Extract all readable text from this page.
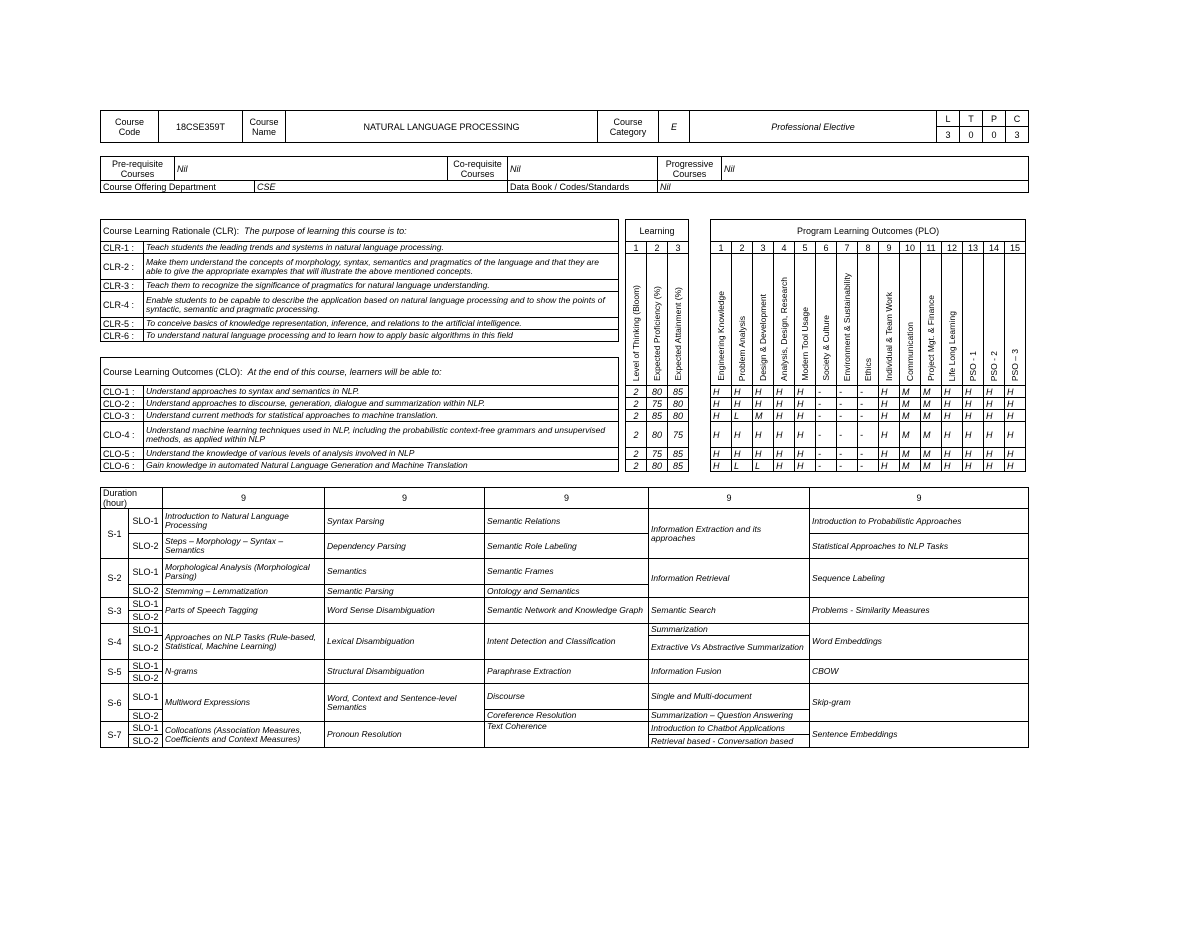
Course Code	18CSE359T	Course Name	NATURAL LANGUAGE PROCESSING	Course Category	E	Professional Elective	L	T	P	C
							3	0	0	3
Pre-requisite Courses	Nil		Co-requisite Courses	Nil	Progressive Courses	Nil
Course Offering Department		CSE		Data Book / Codes/Standards	Nil	
Course Learning Rationale (CLR): The purpose of learning this course is to:	
CLR-1 :	Teach students the leading trends and systems in natural language processing.
CLR-2 :	Make them understand the concepts of morphology, syntax, semantics and pragmatics of the language and that they are able to give the appropriate examples that will illustrate the above mentioned concepts.
CLR-3 :	Teach them to recognize the significance of pragmatics for natural language understanding.
CLR-4 :	Enable students to be capable to describe the application based on natural language processing and to show the points of syntactic, semantic and pragmatic processing.
CLR-5 :	To conceive basics of knowledge representation, inference, and relations to the artificial intelligence.
CLR-6 :	To understand natural language processing and to learn how to apply basic algorithms in this field

Course Learning Outcomes (CLO): At the end of this course, learners will be able to:	
CLO-1 :	Understand approaches to syntax and semantics in NLP.
CLO-2 :	Understand approaches to discourse, generation, dialogue and summarization within NLP.
CLO-3 :	Understand current methods for statistical approaches to machine translation.
CLO-4 :	Understand machine learning techniques used in NLP, including the probabilistic context-free grammars and unsupervised methods, as applied within NLP
CLO-5 :	Understand the knowledge of various levels of analysis involved in NLP
CLO-6 :	Gain knowledge in automated Natural Language Generation and Machine Translation
Learning		
1	2	3
Level of Thinking (Bloom)	Expected Proficiency (%)	Expected Attainment (%)
2	80	85
2	75	80
2	85	80
2	80	75
2	75	85
2	80	85
Program Learning Outcomes (PLO)														
1	2	3	4	5	6	7	8	9	10	11	12	13	14	15
Engineering Knowledge	Problem Analysis	Design & Development	Analysis, Design, Research	Modern Tool Usage	Society & Culture	Environment & Sustainability	Ethics	Individual & Team Work	Communication	Project Mgt. & Finance	Life Long Learning	PSO - 1	PSO - 2	PSO – 3
H	H	H	H	H	-	-	-	H	M	M	H	H	H	H
H	H	H	H	H	-	-	-	H	M	M	H	H	H	H
H	L	M	H	H	-	-	-	H	M	M	H	H	H	H
H	H	H	H	H	-	-	-	H	M	M	H	H	H	H
H	H	H	H	H	-	-	-	H	M	M	H	H	H	H
H	L	L	H	H	-	-	-	H	M	M	H	H	H	H
Duration (hour)		9	9	9	9	9
S-1	SLO-1	Introduction to Natural Language Processing	Syntax Parsing	Semantic Relations	Information Extraction and its	Introduction to Probabilistic Approaches
	SLO-2	Steps – Morphology – Syntax – Semantics	Dependency Parsing	Semantic Role Labeling	approaches	Statistical Approaches to NLP Tasks
S-2	SLO-1	Morphological Analysis (Morphological Parsing)	Semantics	Semantic Frames	Information Retrieval	Sequence Labeling
	SLO-2	Stemming – Lemmatization	Semantic Parsing	Ontology and Semantics		
S-3	SLO-1	Parts of Speech Tagging	Word Sense Disambiguation	Semantic Network and Knowledge Graph	Semantic Search	Problems - Similarity Measures
	SLO-2					
S-4	SLO-1	Approaches on NLP Tasks (Rule-based, Statistical, Machine Learning)	Lexical Disambiguation	Intent Detection and Classification	Summarization	Word Embeddings
	SLO-2				Extractive Vs Abstractive Summarization	
S-5	SLO-1	N-grams	Structural Disambiguation	Paraphrase Extraction	Information Fusion	CBOW
	SLO-2					
S-6	SLO-1	Multiword Expressions	Word, Context and Sentence-level Semantics	Discourse	Single and Multi-document	Skip-gram
	SLO-2			Coreference Resolution	Summarization – Question Answering	
S-7	SLO-1	Collocations (Association Measures, Coefficients and Context Measures)	Pronoun Resolution	Text Coherence	Introduction to Chatbot Applications	Sentence Embeddings
	SLO-2				Retrieval based - Conversation based	
